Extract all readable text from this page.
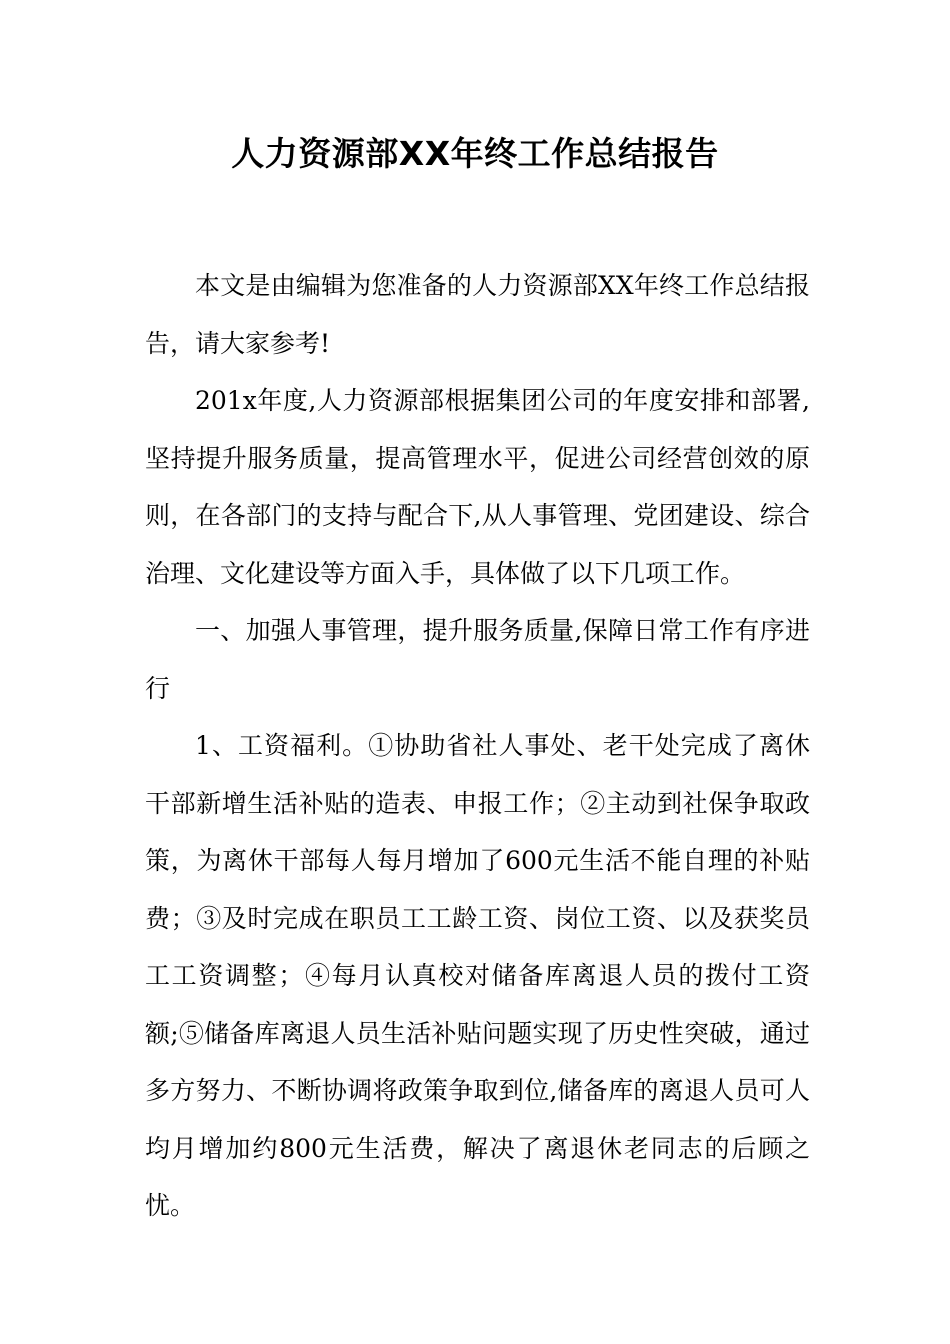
人力资源部XX年终工作总结报告

本文是由编辑为您准备的人力资源部XX年终工作总结报告，请大家参考!

201x年度,人力资源部根据集团公司的年度安排和部署,坚持提升服务质量，提高管理水平，促进公司经营创效的原则，在各部门的支持与配合下,从人事管理、党团建设、综合治理、文化建设等方面入手，具体做了以下几项工作。

一、加强人事管理，提升服务质量,保障日常工作有序进行

1、工资福利。①协助省社人事处、老干处完成了离休干部新增生活补贴的造表、申报工作；②主动到社保争取政策，为离休干部每人每月增加了600元生活不能自理的补贴费；③及时完成在职员工工龄工资、岗位工资、以及获奖员工工资调整；④每月认真校对储备库离退人员的拨付工资额;⑤储备库离退人员生活补贴问题实现了历史性突破，通过多方努力、不断协调将政策争取到位,储备库的离退人员可人均月增加约800元生活费，解决了离退休老同志的后顾之忧。
